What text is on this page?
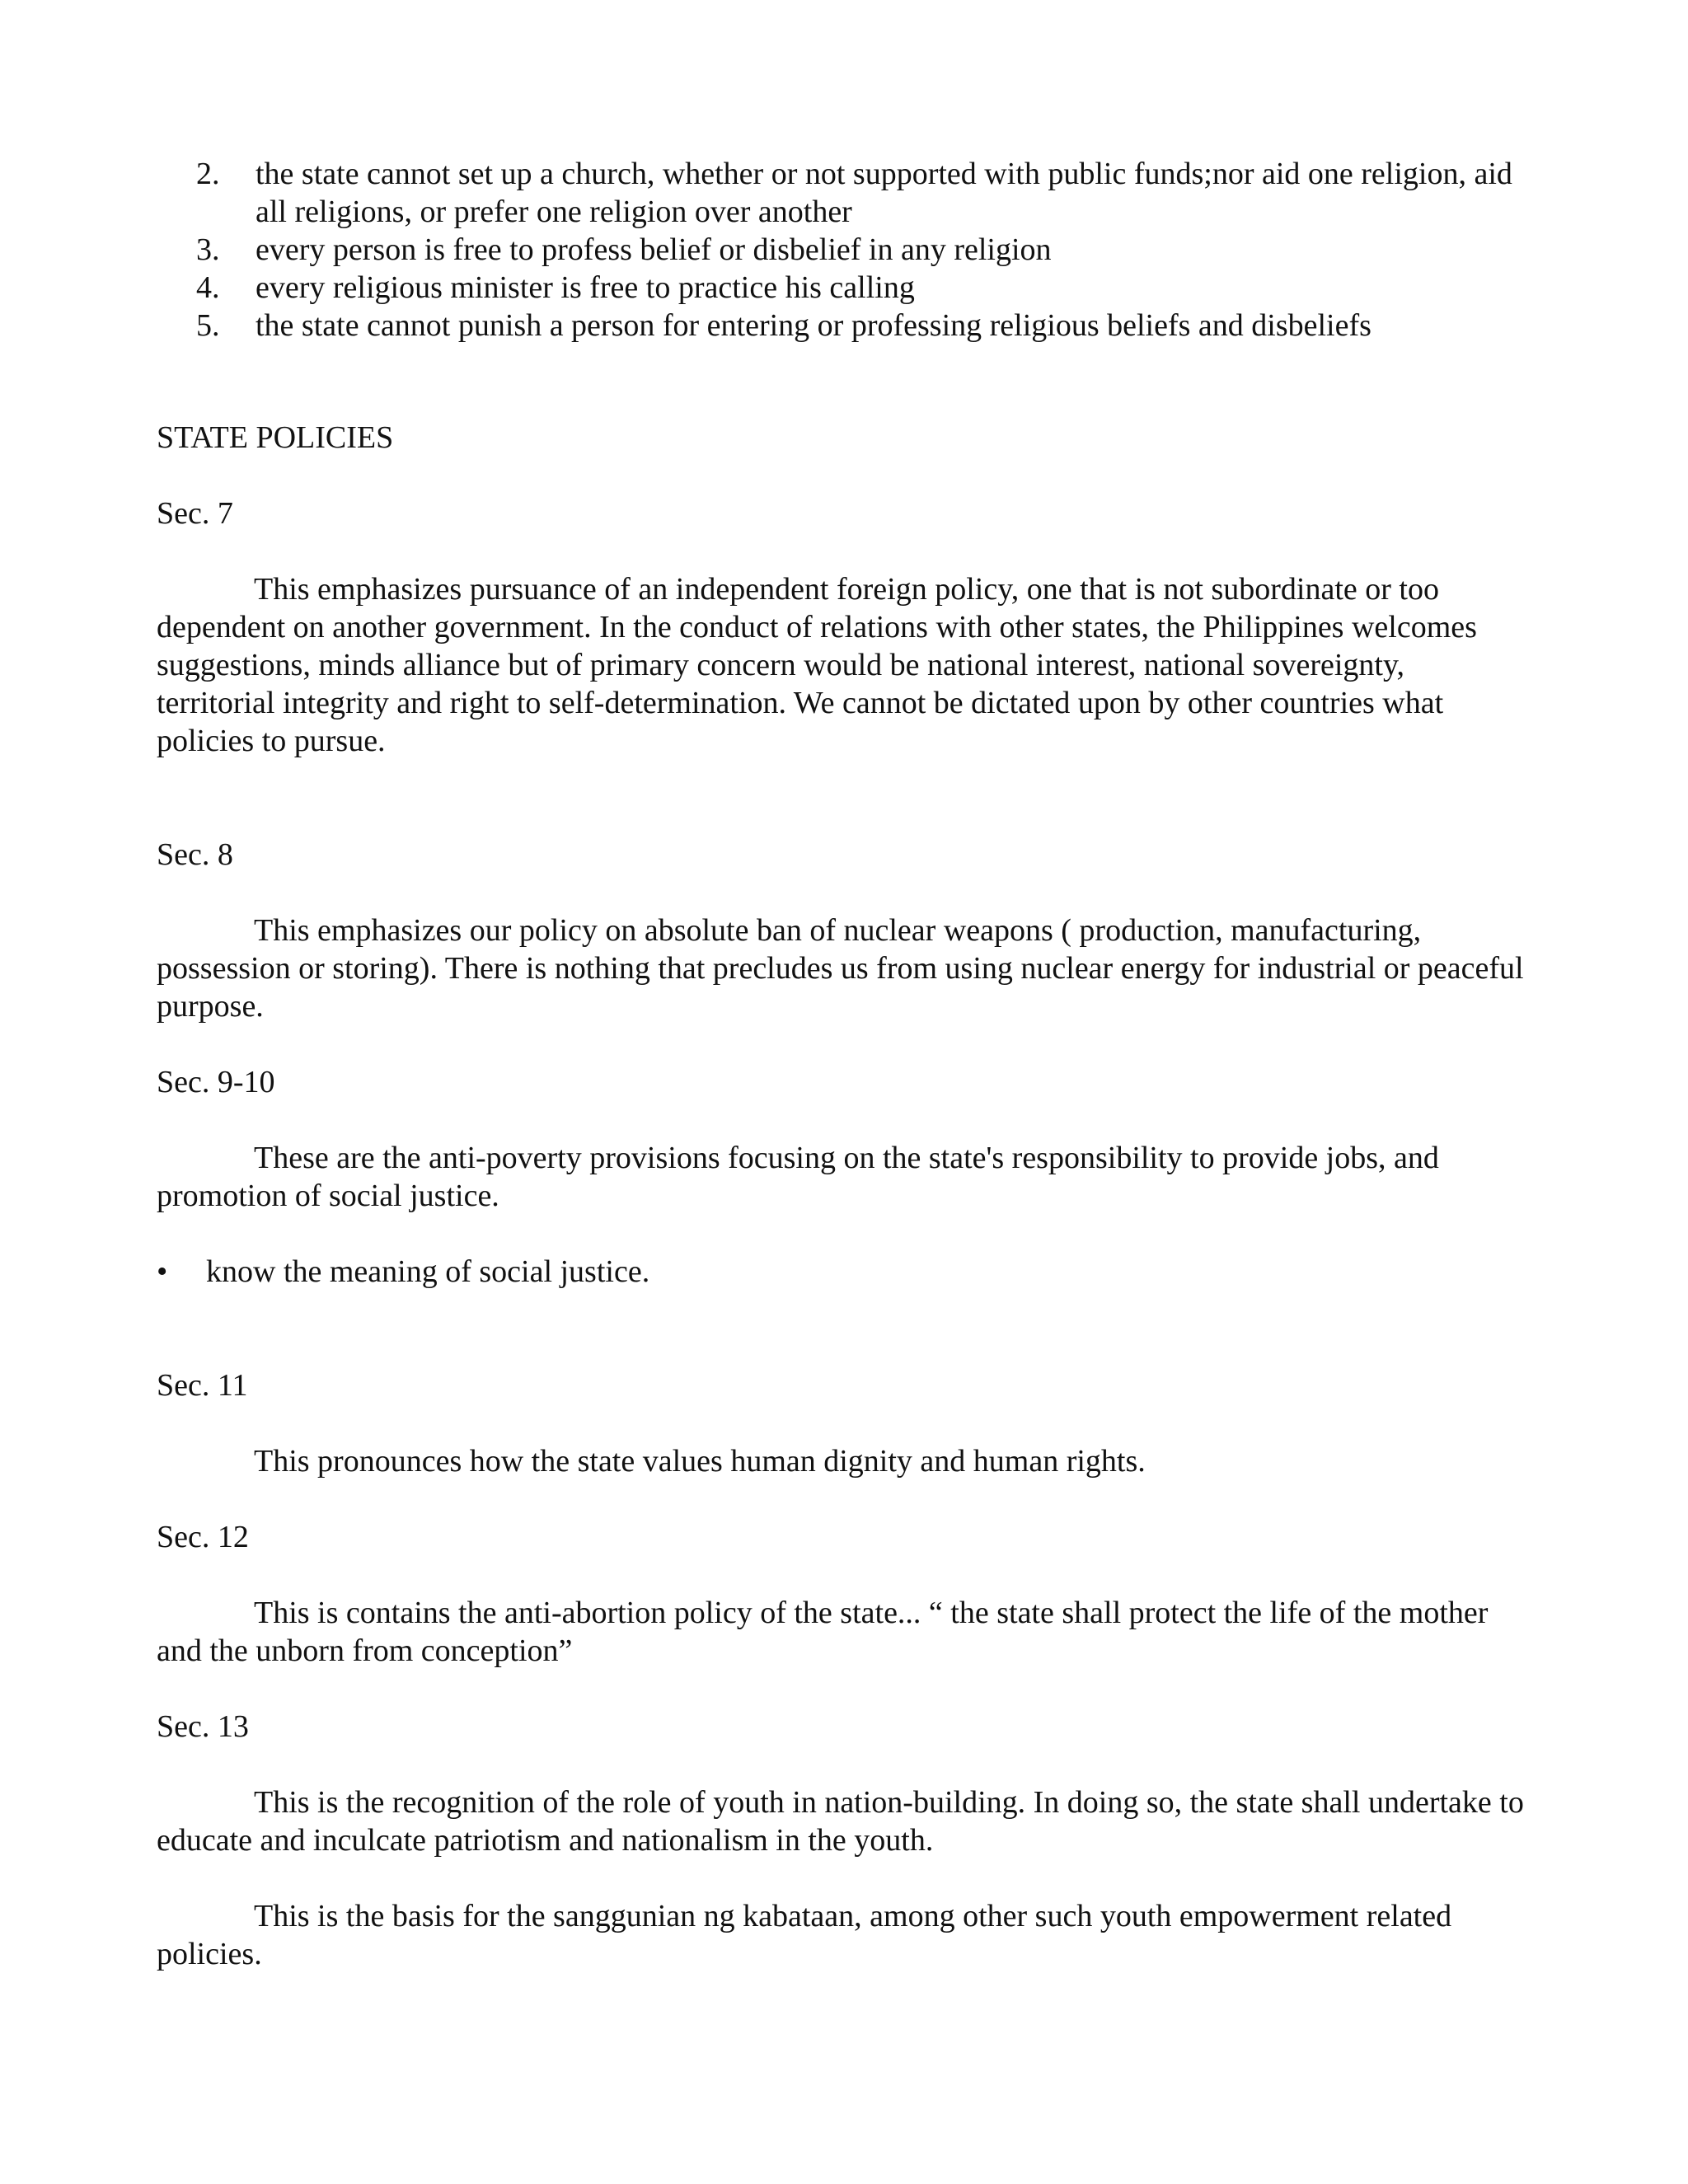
2. the state cannot set up a church, whether or not supported with public funds;nor aid one religion, aid all religions, or prefer one religion over another
3. every person is free to profess belief or disbelief in any religion
4. every religious minister is free to practice his calling
5. the state cannot punish a person for entering or professing religious beliefs and disbeliefs
STATE POLICIES
Sec. 7
This emphasizes pursuance of an independent foreign policy, one that is not subordinate or too dependent on another government. In the conduct of relations with other states, the Philippines welcomes suggestions, minds alliance but of primary concern would be national interest, national sovereignty, territorial integrity and right to self-determination. We cannot be dictated upon by other countries what policies to pursue.
Sec. 8
This emphasizes our policy on absolute ban of nuclear weapons ( production, manufacturing, possession or storing). There is nothing that precludes us from using nuclear energy for industrial or peaceful purpose.
Sec. 9-10
These are the anti-poverty provisions focusing on the state's responsibility to provide jobs, and promotion of social justice.
• know the meaning of social justice.
Sec. 11
This pronounces how the state values human dignity and human rights.
Sec. 12
This is contains the anti-abortion policy of the state... “ the state shall protect the life of the mother and the unborn from conception”
Sec. 13
This is the recognition of the role of youth in nation-building. In doing so, the state shall undertake to educate and inculcate patriotism and nationalism in the youth.
This is the basis for the sanggunian ng kabataan, among other such youth empowerment related policies.
